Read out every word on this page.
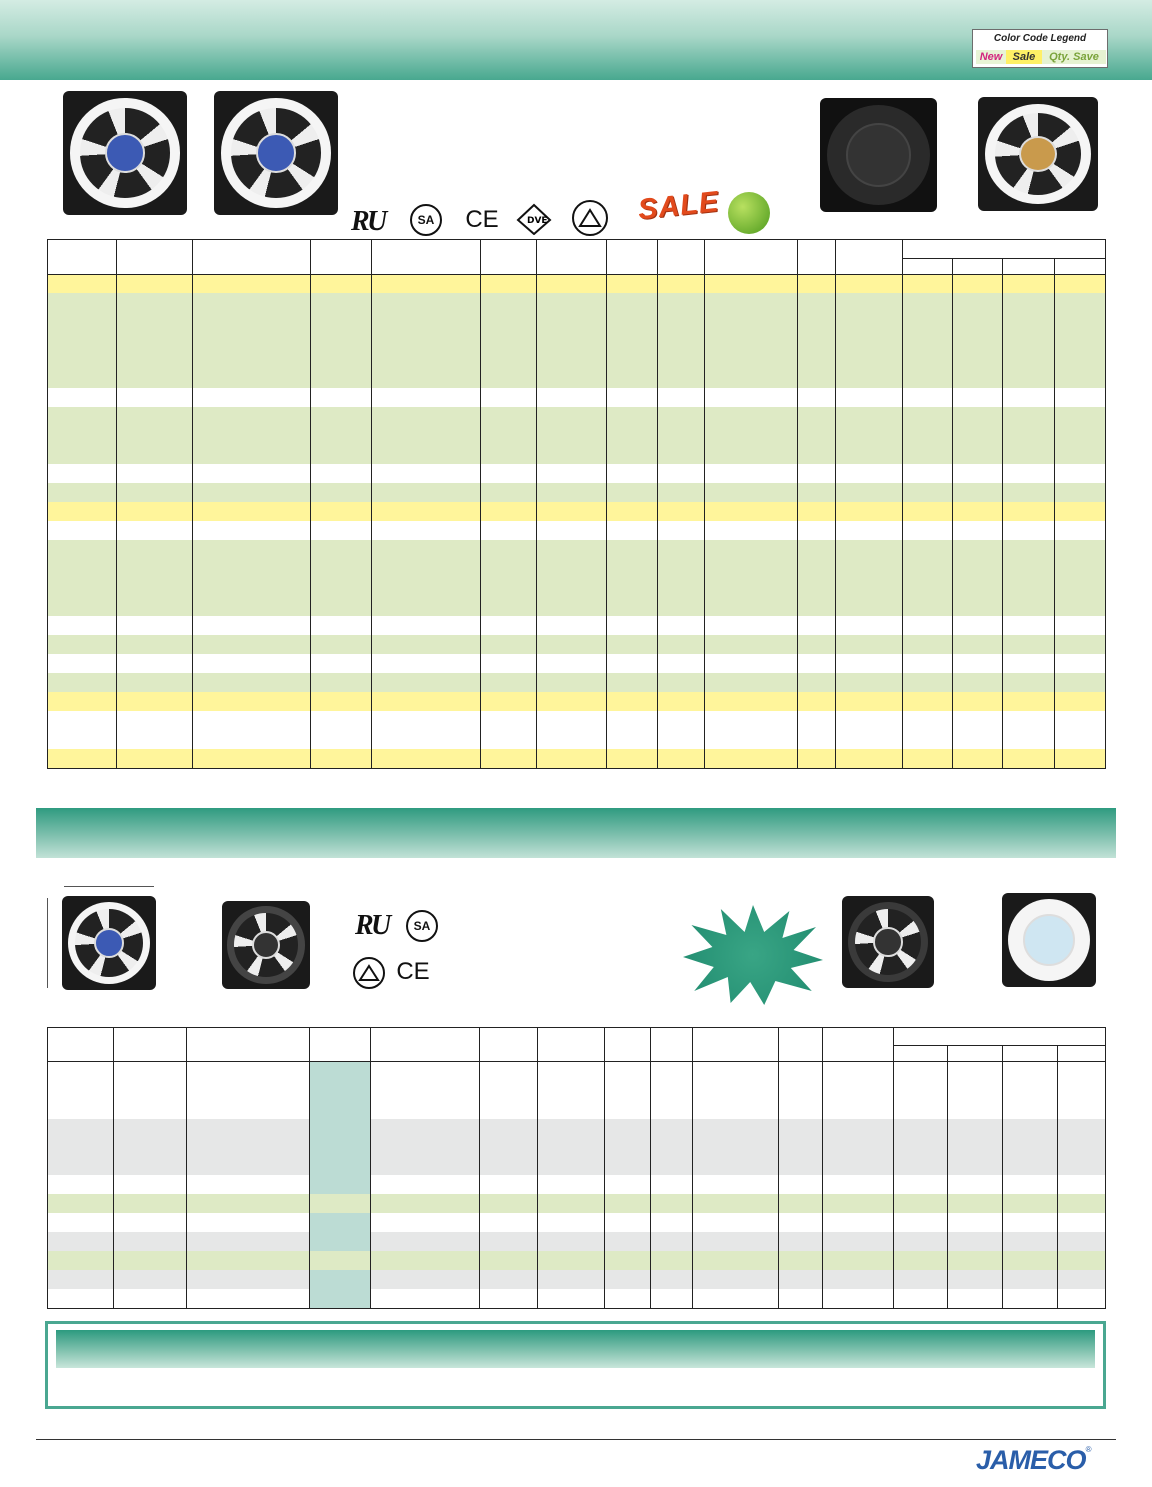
Color Code Legend
New Sale	Qty. Save
R
U	SA	CE	DVE	SALE

R
U	SA
CE

JAMECO®
